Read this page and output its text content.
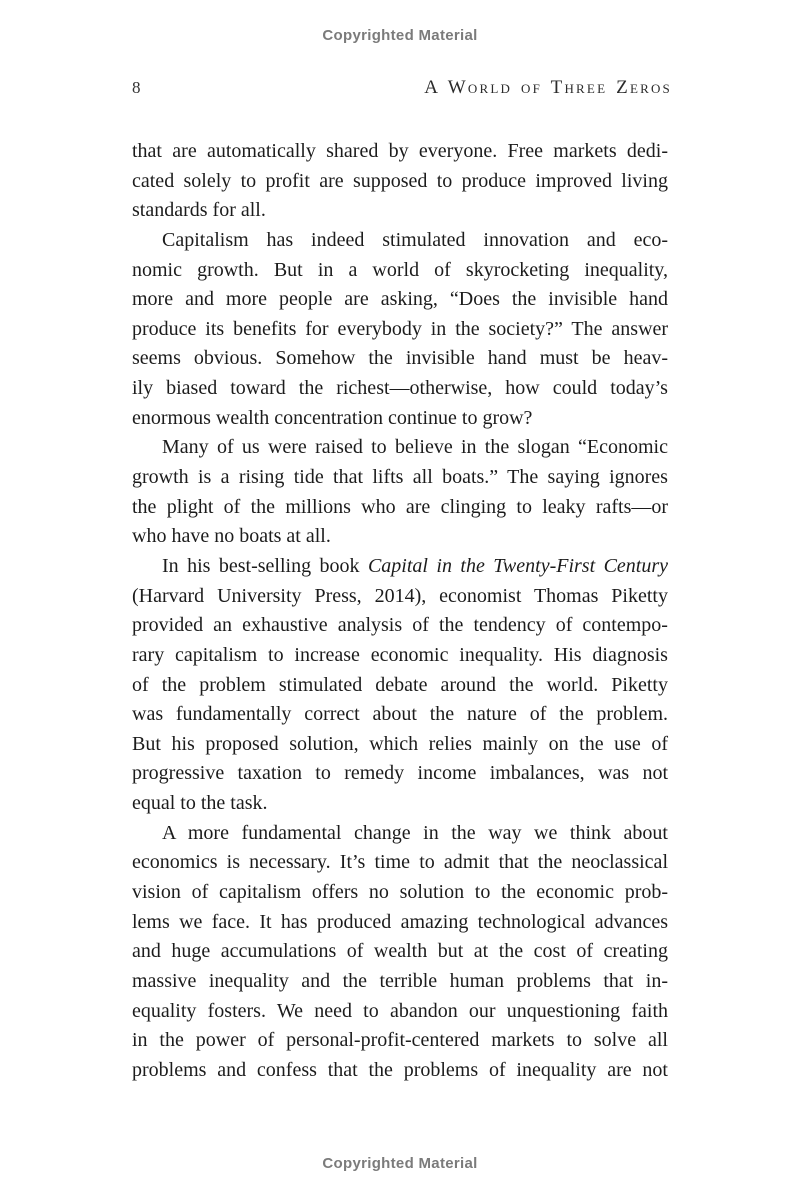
Copyrighted Material
8	A World of Three Zeros
that are automatically shared by everyone. Free markets dedi-
cated solely to profit are supposed to produce improved living
standards for all.
Capitalism has indeed stimulated innovation and eco-
nomic growth. But in a world of skyrocketing inequality,
more and more people are asking, “Does the invisible hand
produce its benefits for everybody in the society?” The answer
seems obvious. Somehow the invisible hand must be heav-
ily biased toward the richest—otherwise, how could today’s
enormous wealth concentration continue to grow?
Many of us were raised to believe in the slogan “Economic
growth is a rising tide that lifts all boats.” The saying ignores
the plight of the millions who are clinging to leaky rafts—or
who have no boats at all.
In his best-selling book Capital in the Twenty-First Century
(Harvard University Press, 2014), economist Thomas Piketty
provided an exhaustive analysis of the tendency of contempo-
rary capitalism to increase economic inequality. His diagnosis
of the problem stimulated debate around the world. Piketty
was fundamentally correct about the nature of the problem.
But his proposed solution, which relies mainly on the use of
progressive taxation to remedy income imbalances, was not
equal to the task.
A more fundamental change in the way we think about
economics is necessary. It’s time to admit that the neoclassical
vision of capitalism offers no solution to the economic prob-
lems we face. It has produced amazing technological advances
and huge accumulations of wealth but at the cost of creating
massive inequality and the terrible human problems that in-
equality fosters. We need to abandon our unquestioning faith
in the power of personal-profit-centered markets to solve all
problems and confess that the problems of inequality are not
Copyrighted Material
